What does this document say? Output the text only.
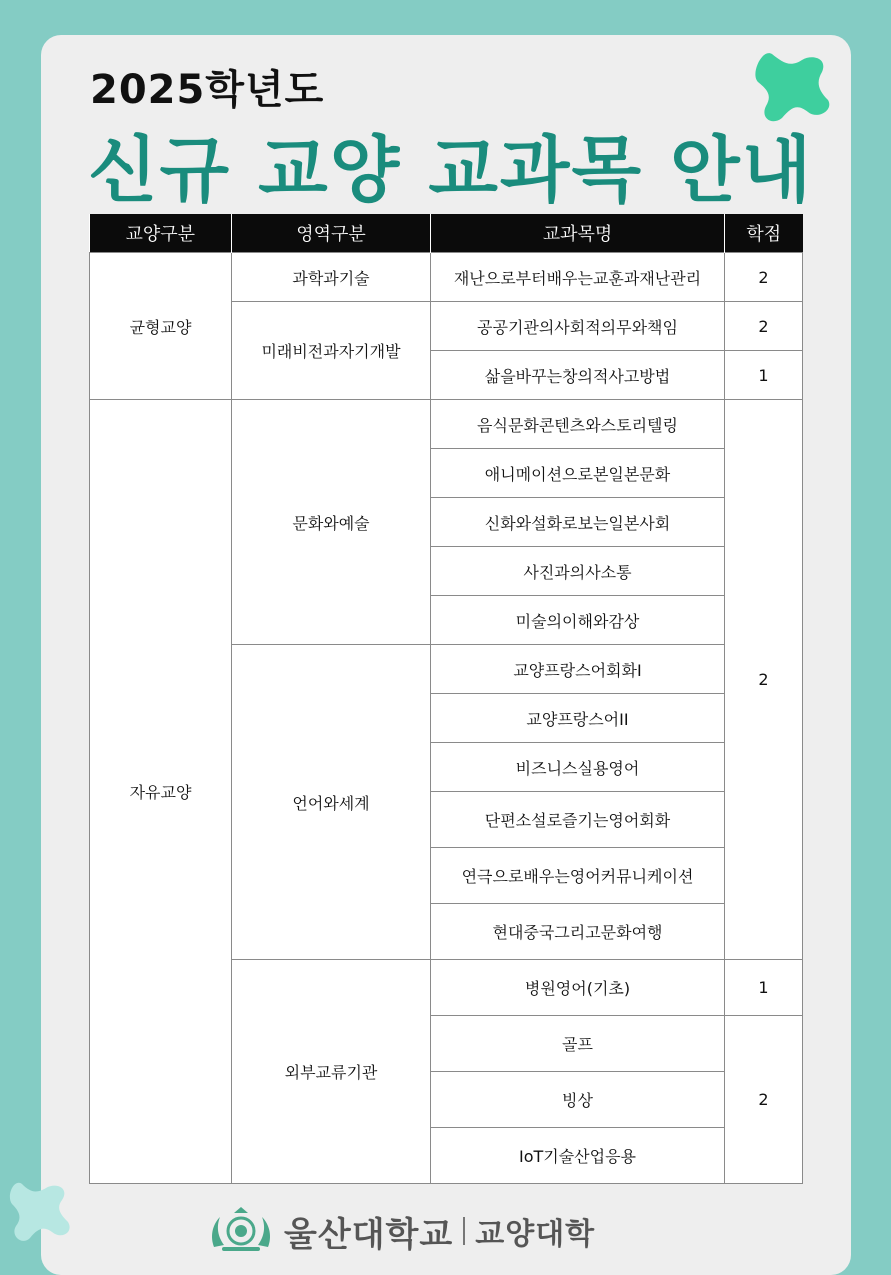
2025학년도
신규 교양 교과목 안내
교양구분	영역구분	교과목명	학점
균형교양	과학과기술	재난으로부터배우는교훈과재난관리	2
	미래비전과자기개발	공공기관의사회적의무와책임	2
		삶을바꾸는창의적사고방법	1
자유교양	문화와예술	음식문화콘텐츠와스토리텔링	2
		애니메이션으로본일본문화	
		신화와설화로보는일본사회	
		사진과의사소통	
		미술의이해와감상	
	언어와세계	교양프랑스어회화I	
		교양프랑스어II	
		비즈니스실용영어	
		단편소설로즐기는영어회화	
		연극으로배우는영어커뮤니케이션	
		현대중국그리고문화여행	
	외부교류기관	병원영어(기초)	1
		골프	2
		빙상	
		IoT기술산업응용	
울산대학교 교양대학
